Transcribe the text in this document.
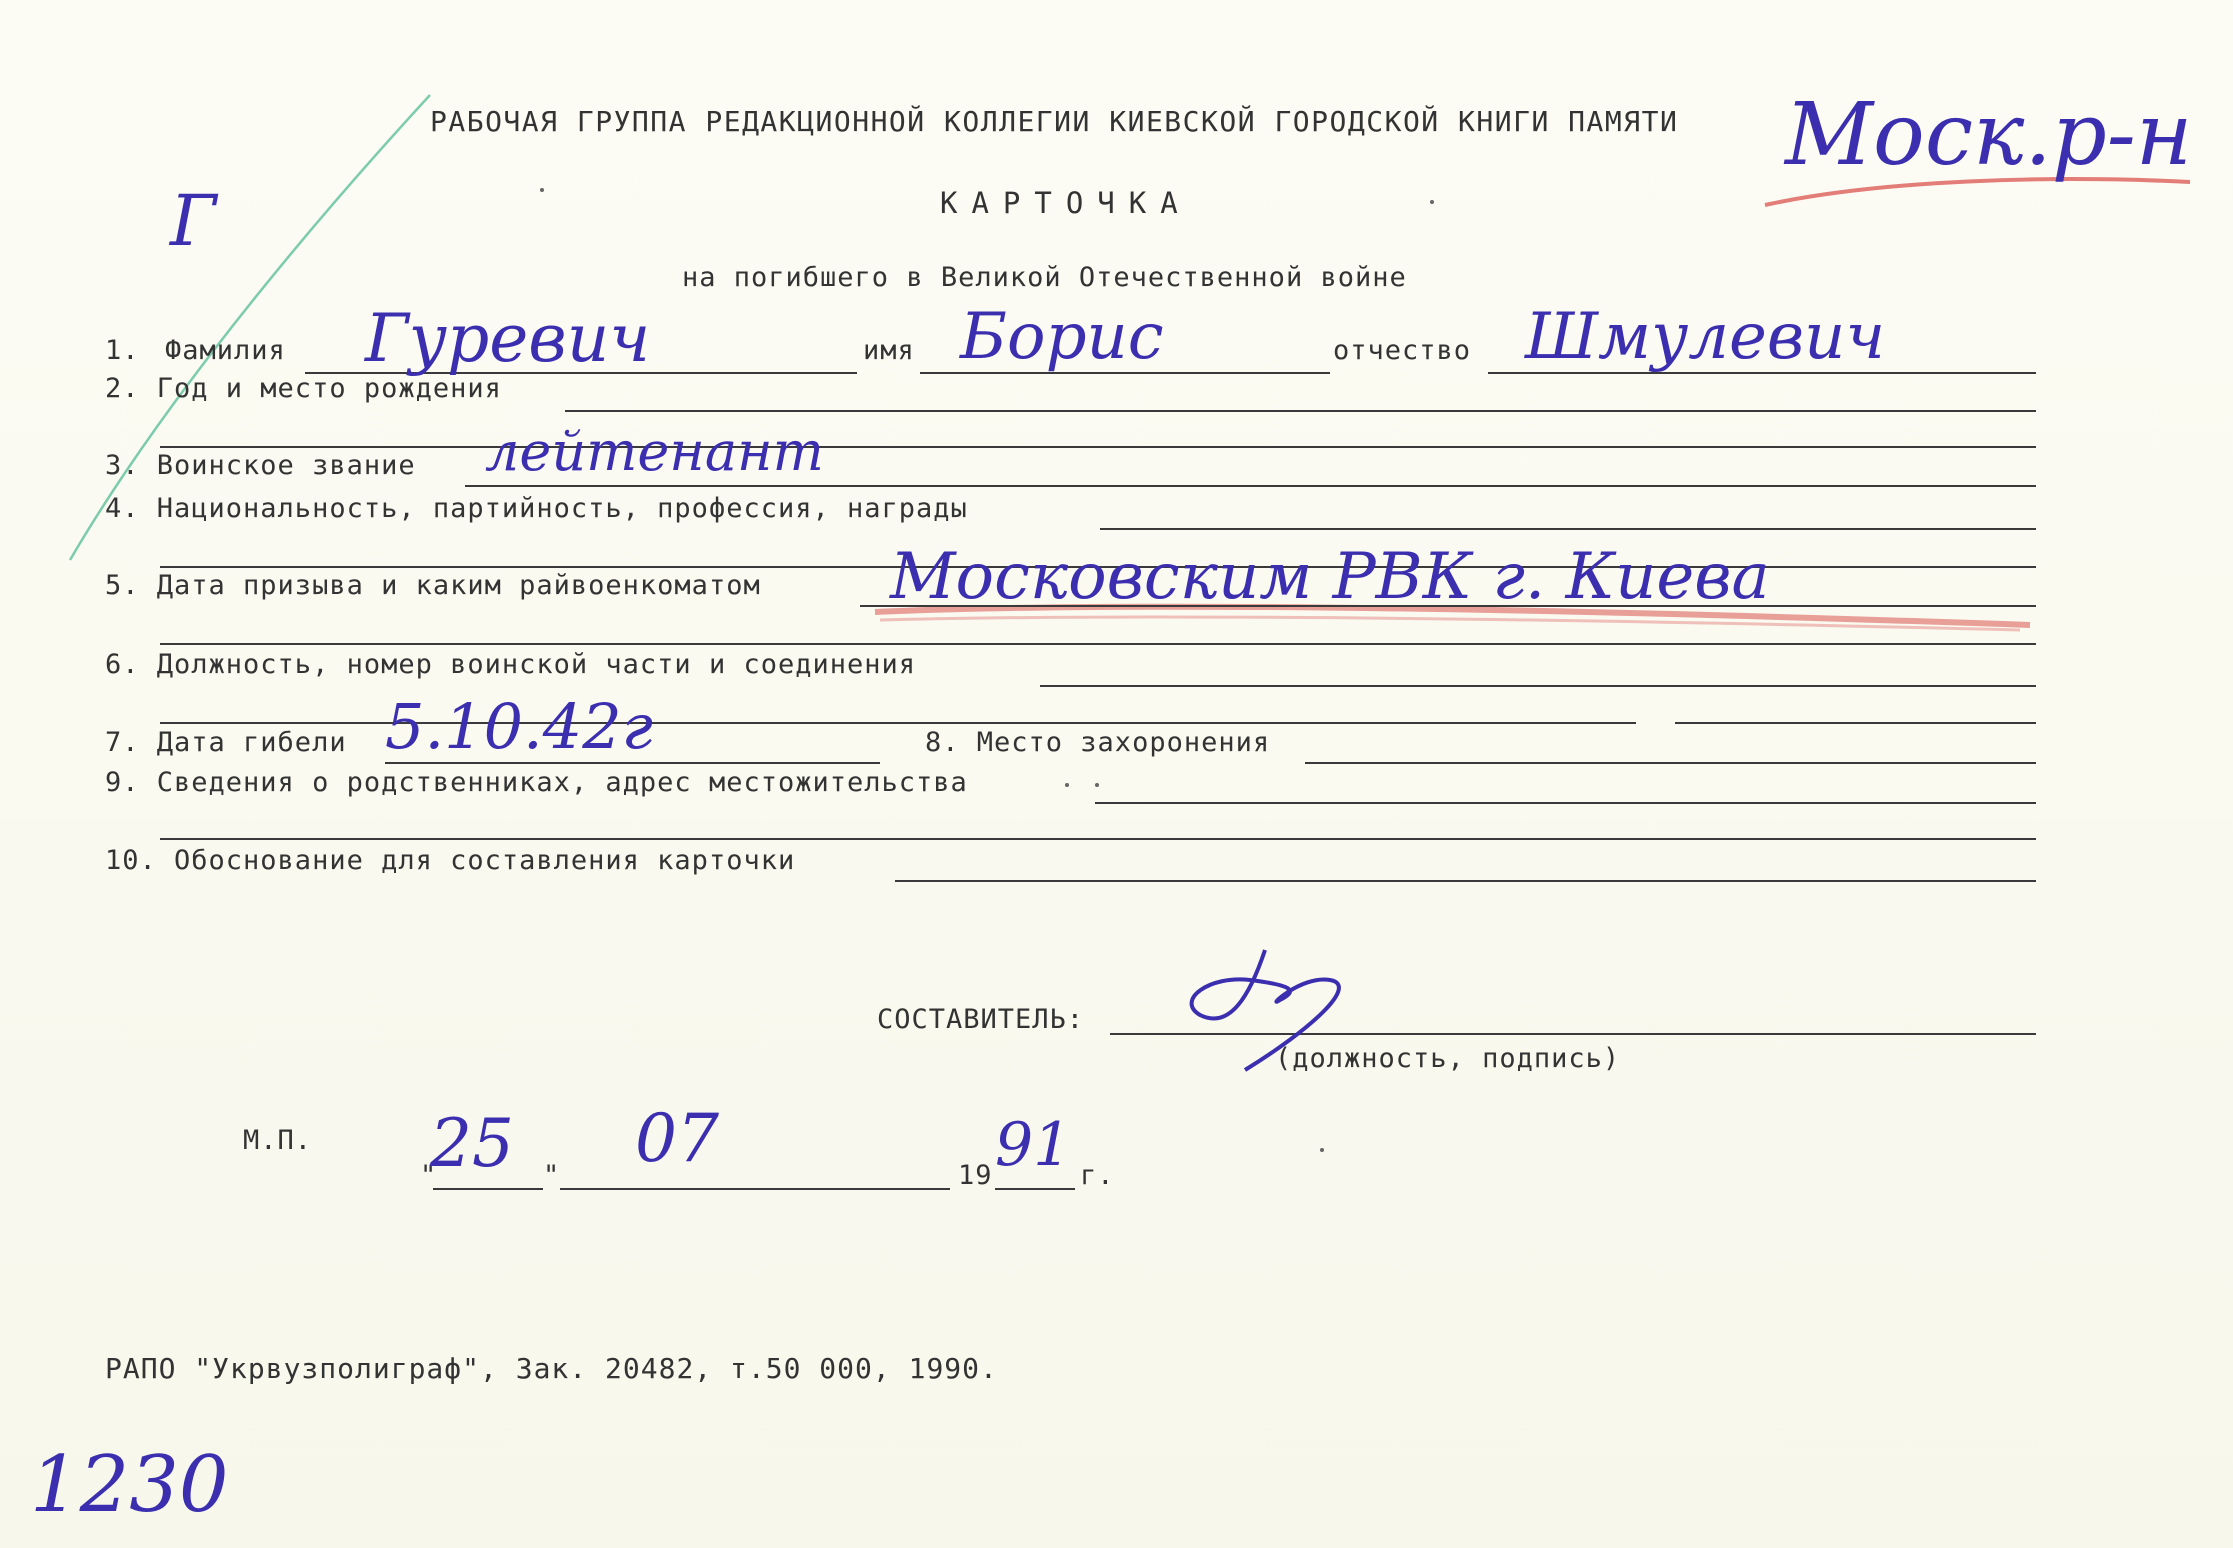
РАБОЧАЯ ГРУППА РЕДАКЦИОННОЙ КОЛЛЕГИИ КИЕВСКОЙ ГОРОДСКОЙ КНИГИ ПАМЯТИ
КАРТОЧКА
на погибшего в Великой Отечественной войне
Моск.р-н
Г
1. Фамилия Гуревич	имя Борис	отчество Шмулевич
2. Год и место рождения
3. Воинское звание лейтенант
4. Национальность, партийность, профессия, награды
5. Дата призыва и каким райвоенкоматом Московским РВК г. Киева
6. Должность, номер воинской части и соединения
7. Дата гибели 5.10.42г	8. Место захоронения
9. Сведения о родственниках, адрес местожительства
10. Обоснование для составления карточки
СОСТАВИТЕЛЬ:
(должность, подпись)
М.П.
"
25 " 07	19 91 г.
РАПО "Укрвузполиграф", Зак. 20482, т.50 000, 1990.
1230
